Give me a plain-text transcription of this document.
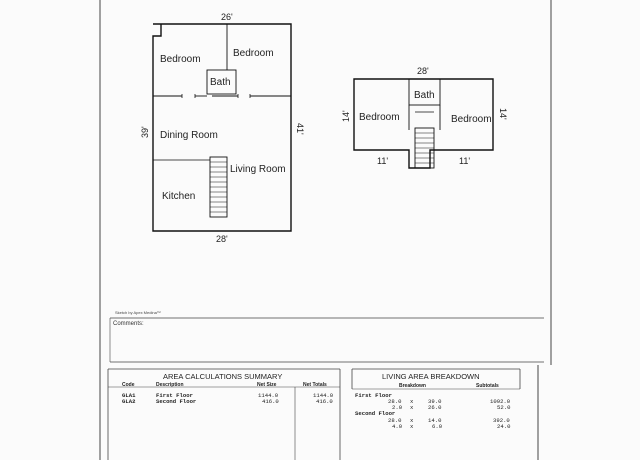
Bedroom
Bedroom
Bath
Dining Room
Living Room
Kitchen
26'
28'
39'	41'
Bath
Bedroom	Bedroom
28'
14'	14'
11'	11'
Sketch by Apex Medina™
Comments:
AREA CALCULATIONS SUMMARY
Code	Description	Net Size	Net Totals
GLA1	First Floor	1144.0	1144.0
GLA2	Second Floor	416.0	416.0
LIVING AREA BREAKDOWN
Breakdown	Subtotals
First Floor
28.0 x	39.0	1092.0
2.0 x	26.0	52.0
Second Floor
28.0 x	14.0	392.0
4.0 x	6.0	24.0
